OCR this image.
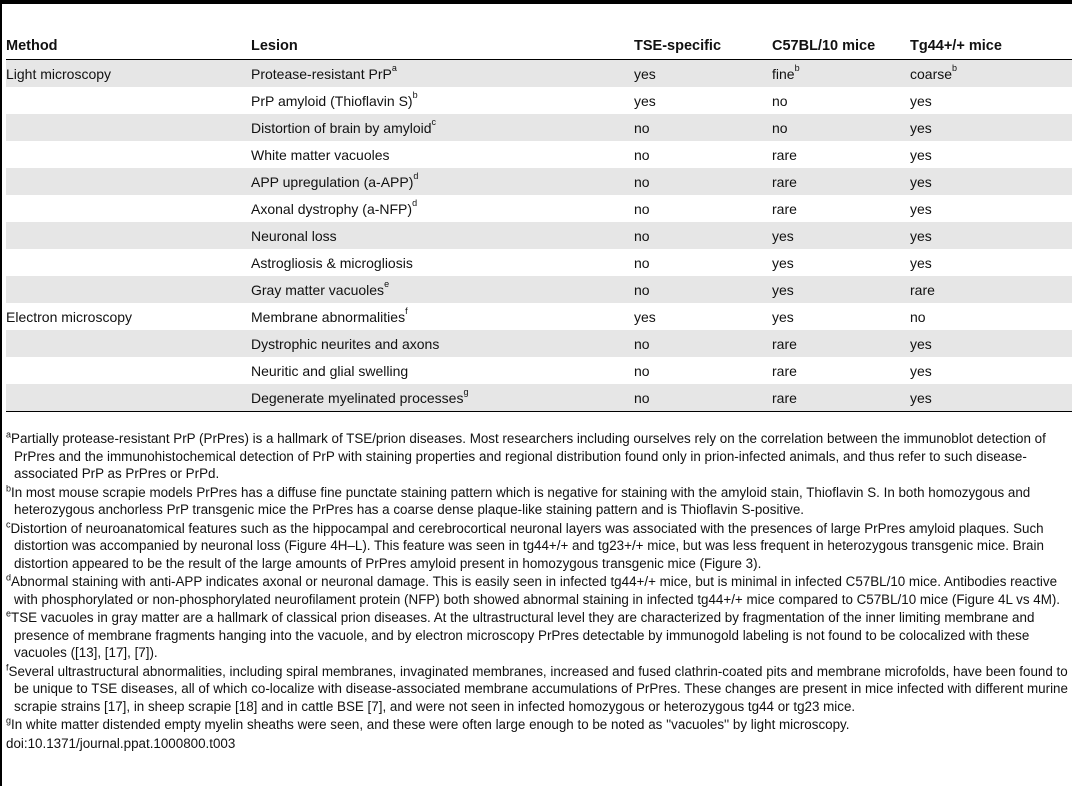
Method	Lesion	TSE-specific	C57BL/10 mice	Tg44+/+ mice
Light microscopy	Protease-resistant PrP$^a$	yes	fine$^b$	coarse$^b$
	PrP amyloid (Thioflavin S)$^b$	yes	no	yes
	Distortion of brain by amyloid$^c$	no	no	yes
	White matter vacuoles	no	rare	yes
	APP upregulation $(a-APP)^d$	no	rare	yes
	Axonal dystrophy $(a-NFP)^d$	no	rare	yes
	Neuronal loss	no	yes	yes
	Astrogliosis & microgliosis	no	yes	yes
	Gray matter vacuoles$^e$	no	yes	rare
Electron microscopy	Membrane abnormalities$^f$	yes	yes	no
	Dystrophic neurites and axons	no	rare	yes
	Neuritic and glial swelling	no	rare	yes
	Degenerate myelinated processes$^g$	no	rare	yes
$^a$Partially protease-resistant PrP (PrPres) is a hallmark of TSE/prion diseases. Most researchers including ourselves rely on the correlation between the immunoblot detection of PrPres and the immunohistochemical detection of PrP with staining properties and regional distribution found only in prion-infected animals, and thus refer to such disease-associated PrP as PrPres or PrPd.
$^b$In most mouse scrapie models PrPres has a diffuse fine punctate staining pattern which is negative for staining with the amyloid stain, Thioflavin S. In both homozygous and heterozygous anchorless PrP transgenic mice the PrPres has a coarse dense plaque-like staining pattern and is Thioflavin S-positive.
$^c$Distortion of neuroanatomical features such as the hippocampal and cerebrocortical neuronal layers was associated with the presences of large PrPres amyloid plaques. Such distortion was accompanied by neuronal loss (Figure 4H–L). This feature was seen in tg44+/+ and tg23+/+ mice, but was less frequent in heterozygous transgenic mice. Brain distortion appeared to be the result of the large amounts of PrPres amyloid present in homozygous transgenic mice (Figure 3).
$^d$Abnormal staining with anti-APP indicates axonal or neuronal damage. This is easily seen in infected tg44+/+ mice, but is minimal in infected C57BL/10 mice. Antibodies reactive with phosphorylated or non-phosphorylated neurofilament protein (NFP) both showed abnormal staining in infected tg44+/+ mice compared to C57BL/10 mice (Figure 4L vs 4M).
$^e$TSE vacuoles in gray matter are a hallmark of classical prion diseases. At the ultrastructural level they are characterized by fragmentation of the inner limiting membrane and presence of membrane fragments hanging into the vacuole, and by electron microscopy PrPres detectable by immunogold labeling is not found to be colocalized with these vacuoles ([13], [17], [7]).
$^f$Several ultrastructural abnormalities, including spiral membranes, invaginated membranes, increased and fused clathrin-coated pits and membrane microfolds, have been found to be unique to TSE diseases, all of which co-localize with disease-associated membrane accumulations of PrPres. These changes are present in mice infected with different murine scrapie strains [17], in sheep scrapie [18] and in cattle BSE [7], and were not seen in infected homozygous or heterozygous tg44 or tg23 mice.
$^g$In white matter distended empty myelin sheaths were seen, and these were often large enough to be noted as ''vacuoles'' by light microscopy.
doi:10.1371/journal.ppat.1000800.t003
